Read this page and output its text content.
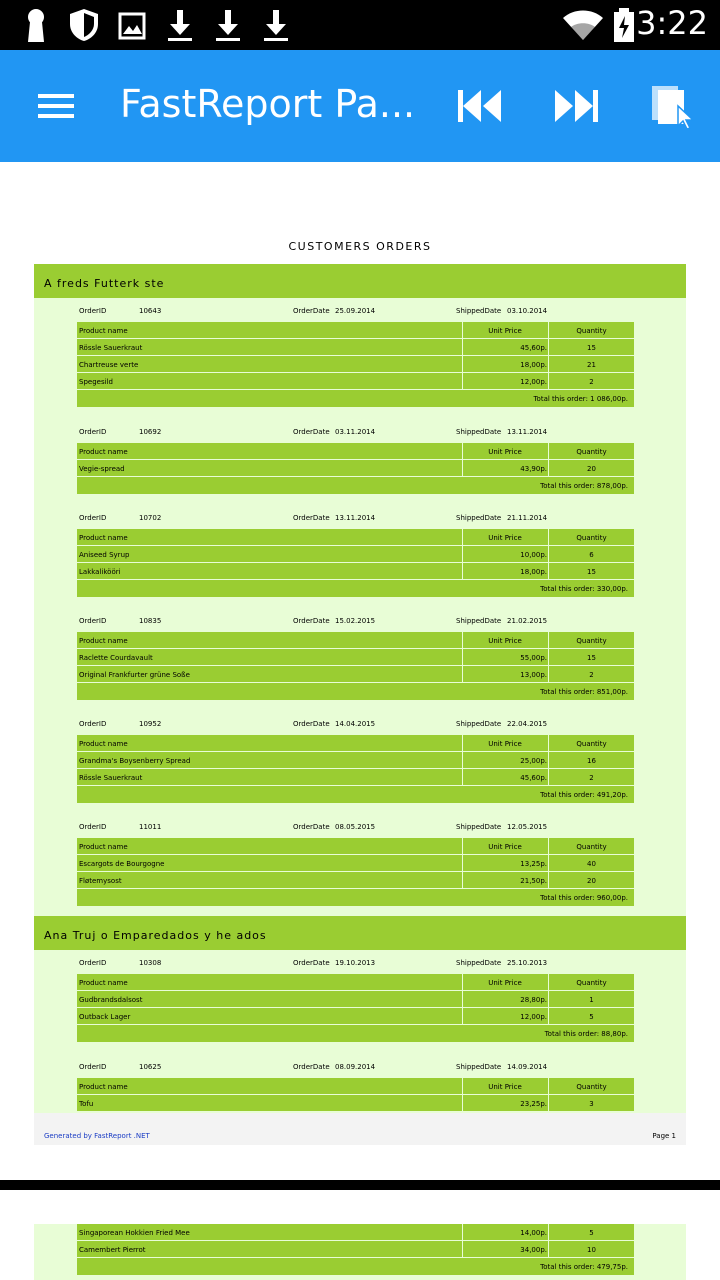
3:22
FastReport Pa...
CUSTOMERS ORDERS
A freds Futterk ste
Ana Truj o Emparedados y he ados
OrderID	10643	OrderDate 25.09.2014	ShippedDate 03.10.2014
Product name	Unit Price	Quantity
Rössle Sauerkraut	45,60р.	15
Chartreuse verte	18,00р.	21
Spegesild	12,00р.	2
Total this order: 1 086,00р.
OrderID	10692	OrderDate 03.11.2014	ShippedDate 13.11.2014
Product name	Unit Price	Quantity
Vegie-spread	43,90р.	20
Total this order: 878,00р.
OrderID	10702	OrderDate 13.11.2014	ShippedDate 21.11.2014
Product name	Unit Price	Quantity
Aniseed Syrup	10,00р.	6
Lakkalikööri	18,00р.	15
Total this order: 330,00р.
OrderID	10835	OrderDate 15.02.2015	ShippedDate 21.02.2015
Product name	Unit Price	Quantity
Raclette Courdavault	55,00р.	15
Original Frankfurter grüne Soße	13,00р.	2
Total this order: 851,00р.
OrderID	10952	OrderDate 14.04.2015	ShippedDate 22.04.2015
Product name	Unit Price	Quantity
Grandma's Boysenberry Spread	25,00р.	16
Rössle Sauerkraut	45,60р.	2
Total this order: 491,20р.
OrderID	11011	OrderDate 08.05.2015	ShippedDate 12.05.2015
Product name	Unit Price	Quantity
Escargots de Bourgogne	13,25р.	40
Fløtemysost	21,50р.	20
Total this order: 960,00р.
OrderID	10308	OrderDate 19.10.2013	ShippedDate 25.10.2013
Product name	Unit Price	Quantity
Gudbrandsdalsost	28,80р.	1
Outback Lager	12,00р.	5
Total this order: 88,80р.
OrderID	10625	OrderDate 08.09.2014	ShippedDate 14.09.2014
Product name	Unit Price	Quantity
Tofu	23,25р.	3
Generated by FastReport .NET	Page 1
Singaporean Hokkien Fried Mee	14,00р.	5
Camembert Pierrot	34,00р.	10
Total this order: 479,75р.
